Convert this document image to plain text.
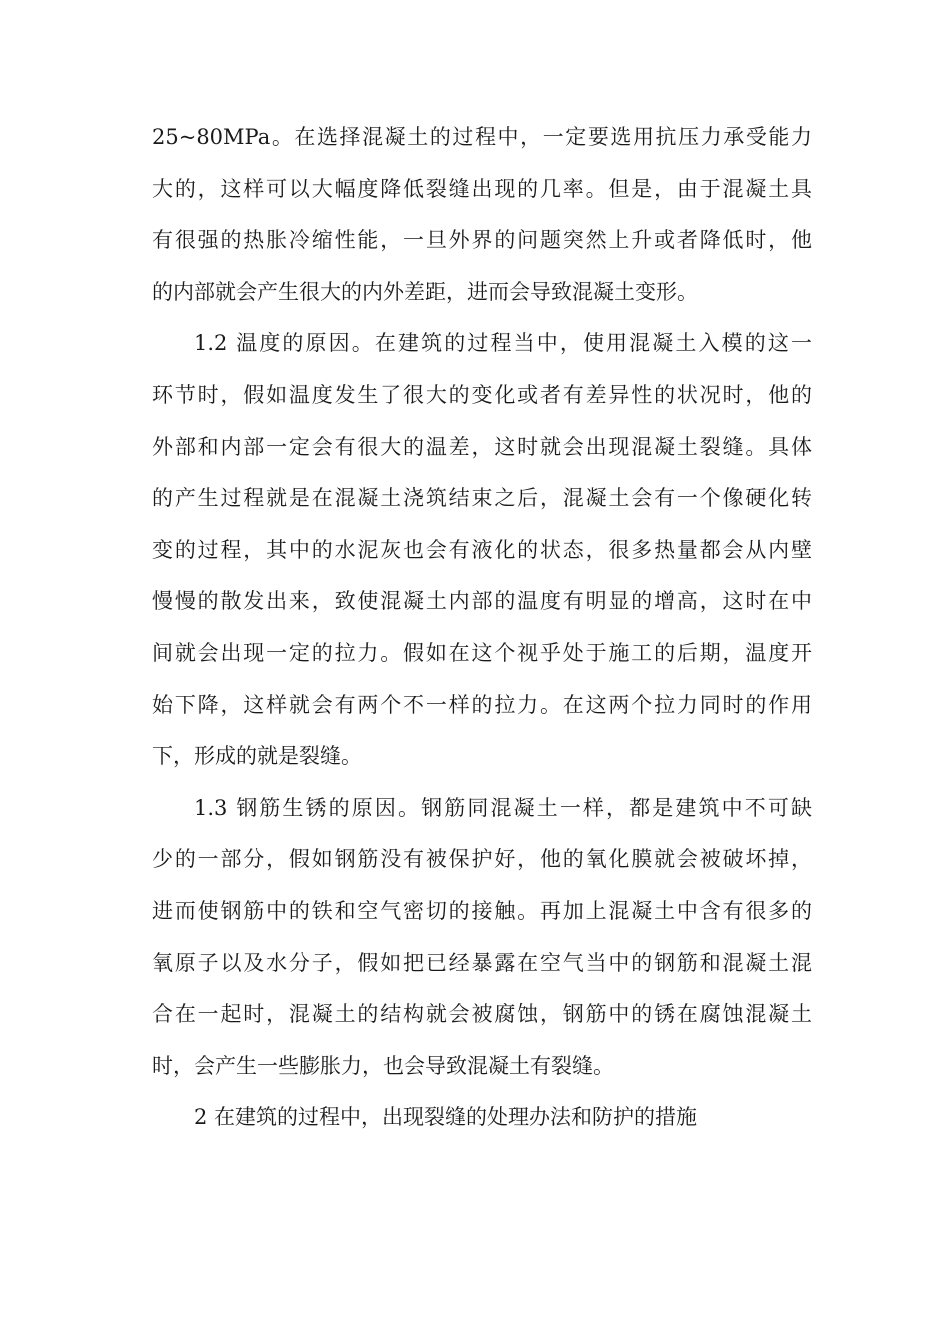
25~80MPa。在选择混凝土的过程中，一定要选用抗压力承受能力
大的，这样可以大幅度降低裂缝出现的几率。但是，由于混凝土具
有很强的热胀冷缩性能，一旦外界的问题突然上升或者降低时，他
的内部就会产生很大的内外差距，进而会导致混凝土变形。
1.2 温度的原因。在建筑的过程当中，使用混凝土入模的这一
环节时，假如温度发生了很大的变化或者有差异性的状况时，他的
外部和内部一定会有很大的温差，这时就会出现混凝土裂缝。具体
的产生过程就是在混凝土浇筑结束之后，混凝土会有一个像硬化转
变的过程，其中的水泥灰也会有液化的状态，很多热量都会从内壁
慢慢的散发出来，致使混凝土内部的温度有明显的增高，这时在中
间就会出现一定的拉力。假如在这个视乎处于施工的后期，温度开
始下降，这样就会有两个不一样的拉力。在这两个拉力同时的作用
下，形成的就是裂缝。
1.3 钢筋生锈的原因。钢筋同混凝土一样，都是建筑中不可缺
少的一部分，假如钢筋没有被保护好，他的氧化膜就会被破坏掉，
进而使钢筋中的铁和空气密切的接触。再加上混凝土中含有很多的
氧原子以及水分子，假如把已经暴露在空气当中的钢筋和混凝土混
合在一起时，混凝土的结构就会被腐蚀，钢筋中的锈在腐蚀混凝土
时，会产生一些膨胀力，也会导致混凝土有裂缝。
2 在建筑的过程中，出现裂缝的处理办法和防护的措施
